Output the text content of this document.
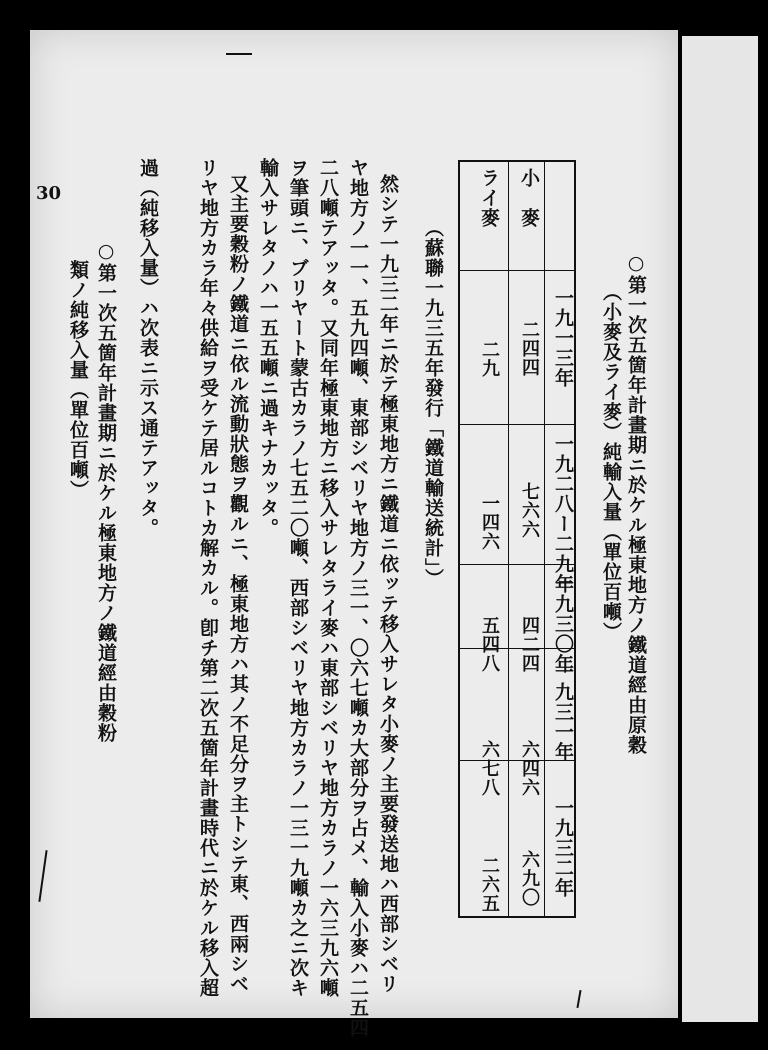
30
○第一次五箇年計畫期ニ於ケル極東地方ノ鐵道經由原穀
（小麥及ライ麥）純輸入量（單位百噸）
一九一三年
一九二八ー二九年
一九三〇年
一九三一年
一九三二年
小　麥
二四四
七六六
四二四
六四六
六九〇
ライ麥
二九
一四六
五四八
六七八
二六五
（蘇聯一九三五年發行「鐵道輸送統計」）
然シテ一九三二年ニ於テ極東地方ニ鐵道ニ依ッテ移入サレタ小麥ノ主要發送地ハ西部シベリ
ヤ地方ノ一一、五九四噸、東部シベリヤ地方ノ三一、〇六七噸カ大部分ヲ占メ、輸入小麥ハ二五四
二八噸テアッタ。又同年極東地方ニ移入サレタライ麥ハ東部シベリヤ地方カラノ一六三九六噸
ヲ筆頭ニ、ブリヤート蒙古カラノ七五二〇噸、西部シベリヤ地方カラノ一三一九噸カ之ニ次キ
輸入サレタノハ一五五噸ニ過キナカッタ。
又主要穀粉ノ鐵道ニ依ル流動狀態ヲ觀ルニ、極東地方ハ其ノ不足分ヲ主トシテ東、西兩シベ
リヤ地方カラ年々供給ヲ受ケテ居ルコトカ解カル。卽チ第二次五箇年計畫時代ニ於ケル移入超
過（純移入量）ハ次表ニ示ス通テアッタ。
○第一次五箇年計畫期ニ於ケル極東地方ノ鐵道經由穀粉
類ノ純移入量（單位百噸）
